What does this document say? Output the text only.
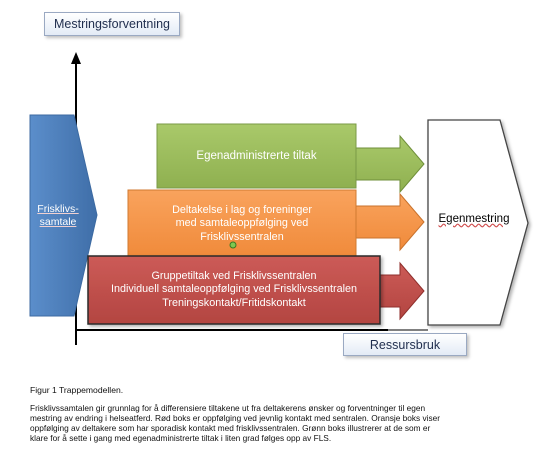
Mestringsforventning
Ressursbruk
Frisklivs-
samtale	Egenmestring
Egenadministrerte tiltak
Deltakelse i lag og foreninger
med samtaleoppfølging ved
Frisklivssentralen
Gruppetiltak ved Frisklivssentralen
Individuell samtaleoppfølging ved Frisklivssentralen
Treningskontakt/Fritidskontakt
Figur 1 Trappemodellen.
Frisklivssamtalen gir grunnlag for å differensiere tiltakene ut fra deltakerens ønsker og forventninger til egen
mestring av endring i helseatferd. Rød boks er oppfølging ved jevnlig kontakt med sentralen. Oransje boks viser
oppfølging av deltakere som har sporadisk kontakt med frisklivssentralen. Grønn boks illustrerer at de som er
klare for å sette i gang med egenadministrerte tiltak i liten grad følges opp av FLS.
